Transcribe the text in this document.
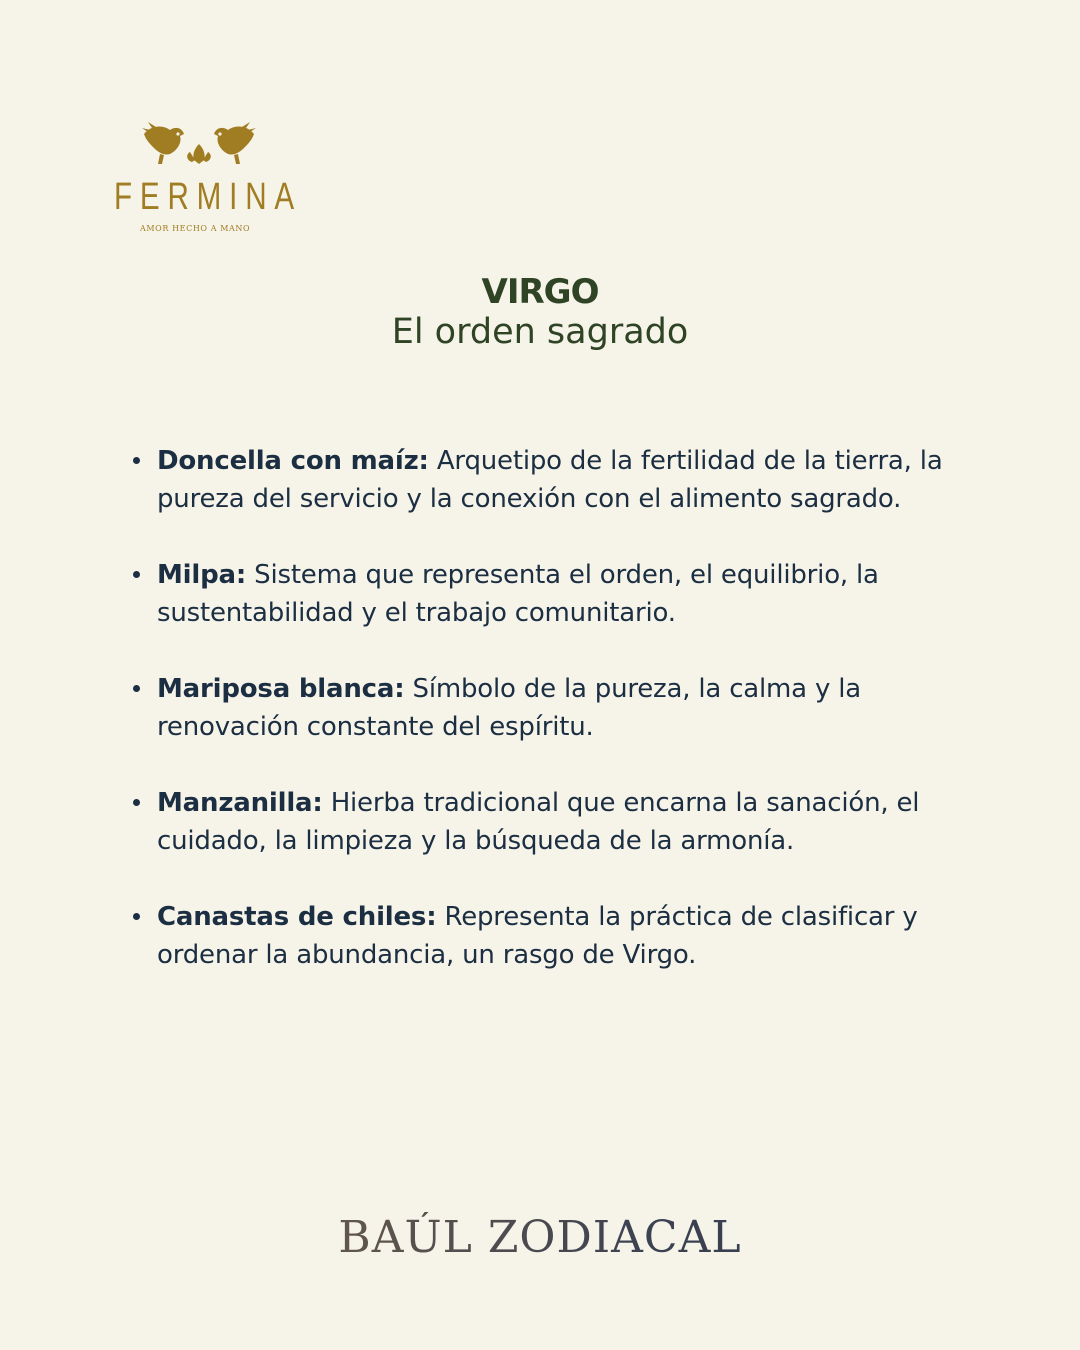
FERMINA
AMOR HECHO A MANO
VIRGO
El orden sagrado
Doncella con maíz: Arquetipo de la fertilidad de la tierra, la pureza del servicio y la conexión con el alimento sagrado.
Milpa: Sistema que representa el orden, el equilibrio, la sustentabilidad y el trabajo comunitario.
Mariposa blanca: Símbolo de la pureza, la calma y la renovación constante del espíritu.
Manzanilla: Hierba tradicional que encarna la sanación, el cuidado, la limpieza y la búsqueda de la armonía.
Canastas de chiles: Representa la práctica de clasificar y ordenar la abundancia, un rasgo de Virgo.
BAÚL ZODIACAL
